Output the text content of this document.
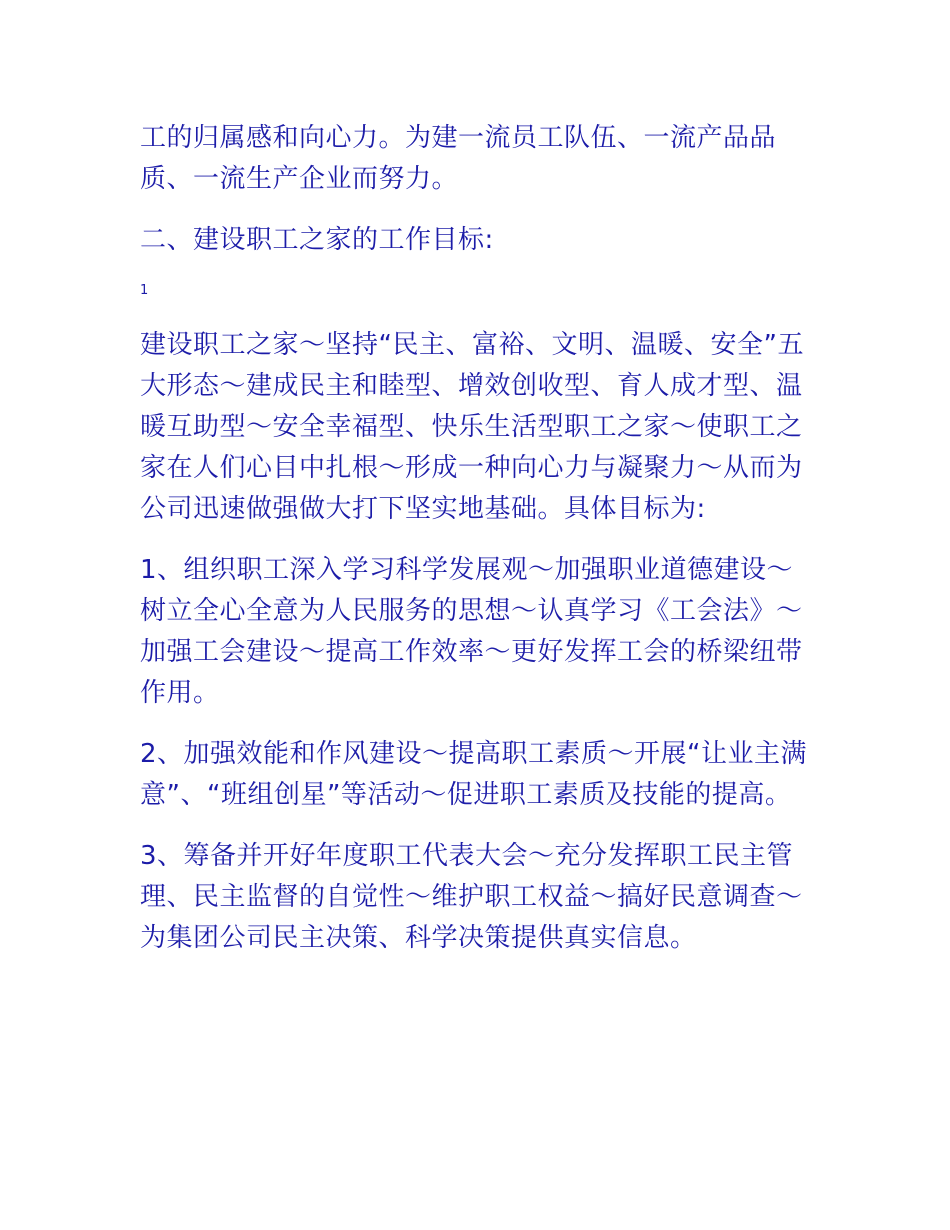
工的归属感和向心力。为建一流员工队伍、一流产品品质、一流生产企业而努力。

二、建设职工之家的工作目标:

1

建设职工之家～坚持“民主、富裕、文明、温暖、安全”五大形态～建成民主和睦型、增效创收型、育人成才型、温暖互助型～安全幸福型、快乐生活型职工之家～使职工之家在人们心目中扎根～形成一种向心力与凝聚力～从而为公司迅速做强做大打下坚实地基础。具体目标为:

1、组织职工深入学习科学发展观～加强职业道德建设～树立全心全意为人民服务的思想～认真学习《工会法》～加强工会建设～提高工作效率～更好发挥工会的桥梁纽带作用。

2、加强效能和作风建设～提高职工素质～开展“让业主满意”、“班组创星”等活动～促进职工素质及技能的提高。

3、筹备并开好年度职工代表大会～充分发挥职工民主管理、民主监督的自觉性～维护职工权益～搞好民意调查～为集团公司民主决策、科学决策提供真实信息。
